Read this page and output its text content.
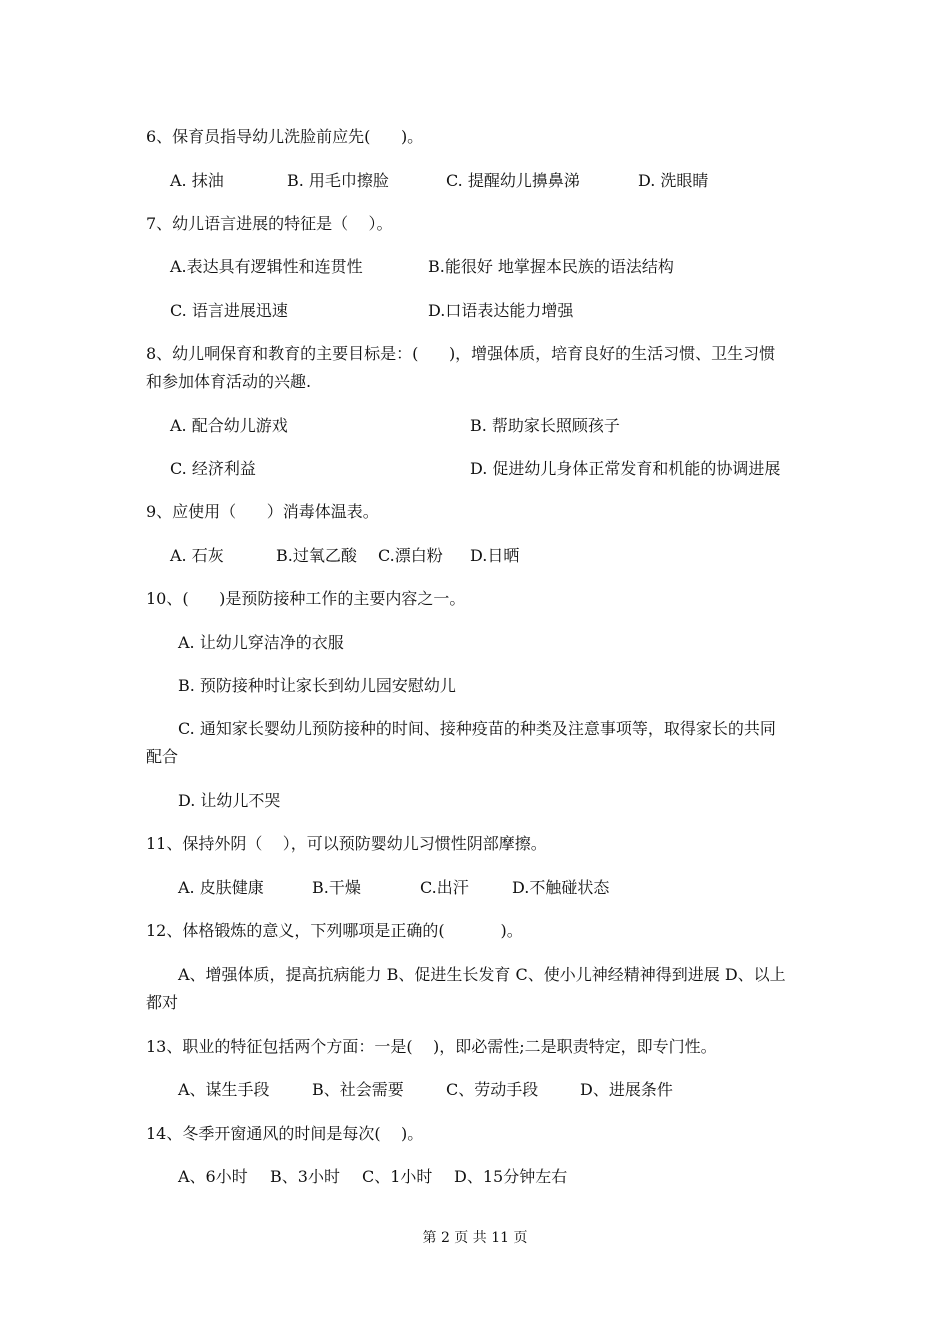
6、保育员指导幼儿洗脸前应先(      )。
A. 抹油	B. 用毛巾擦脸	C. 提醒幼儿擤鼻涕	D. 洗眼睛
7、幼儿语言进展的特征是（    ）。
A.表达具有逻辑性和连贯性	B.能很好 地掌握本民族的语法结构
C. 语言进展迅速	D.口语表达能力增强
8、幼儿哃保育和教育的主要目标是：(      )，增强体质，培育良好的生活习惯、卫生习惯
和参加体育活动的兴趣.
A. 配合幼儿游戏	B. 帮助家长照顾孩子
C. 经济利益	D. 促进幼儿身体正常发育和机能的协调进展
9、应使用（      ）消毒体温表。
A. 石灰	B.过氧乙酸 C.漂白粉 D.日晒
10、(      )是预防接种工作的主要内容之一。
A. 让幼儿穿洁净的衣服
B. 预防接种时让家长到幼儿园安慰幼儿
C. 通知家长婴幼儿预防接种的时间、接种疫苗的种类及注意事项等，取得家长的共同
配合
D. 让幼儿不哭
11、保持外阴（    ），可以预防婴幼儿习惯性阴部摩擦。
A. 皮肤健康	B.干燥	C.出汗	D.不触碰状态
12、体格锻炼的意义，下列哪项是正确的(           )。
A、增强体质，提高抗病能力 B、促进生长发育 C、使小儿神经精神得到进展 D、以上
都对
13、职业的特征包括两个方面：一是(    )，即必需性;二是职责特定，即专门性。
A、谋生手段	B、社会需要	C、劳动手段	D、进展条件
14、冬季开窗通风的时间是每次(    )。
A、6小时 B、3小时 C、1小时 D、15分钟左右
第 2 页 共 11 页
